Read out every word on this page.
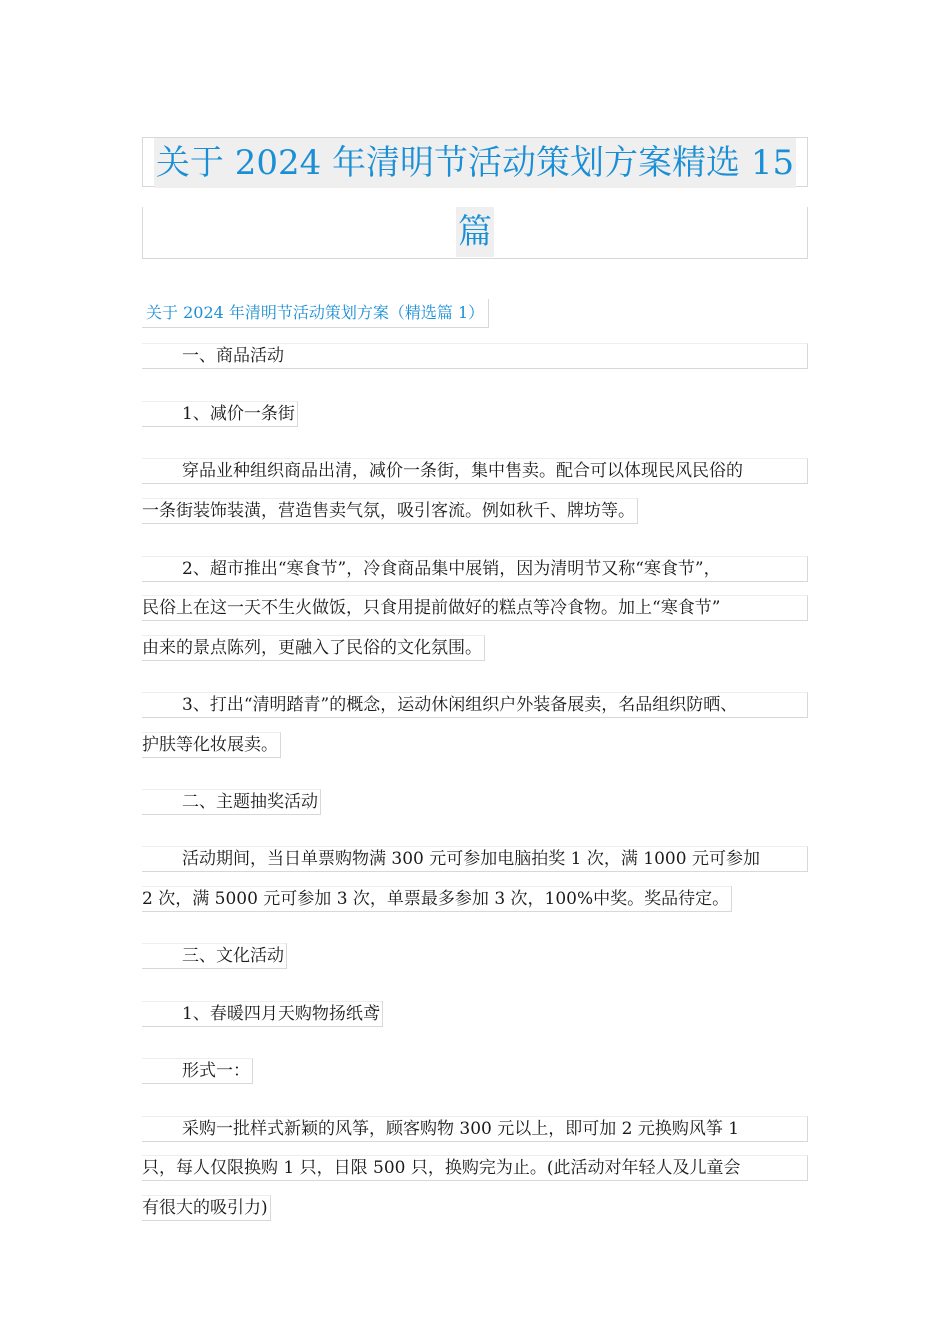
关于 2024 年清明节活动策划方案精选 15
篇
关于 2024 年清明节活动策划方案（精选篇 1）
一、商品活动
1、减价一条街
穿品业种组织商品出清，减价一条街，集中售卖。配合可以体现民风民俗的
一条街装饰装潢，营造售卖气氛，吸引客流。例如秋千、牌坊等。
2、超市推出“寒食节”，冷食商品集中展销，因为清明节又称“寒食节”，
民俗上在这一天不生火做饭，只食用提前做好的糕点等冷食物。加上“寒食节”
由来的景点陈列，更融入了民俗的文化氛围。
3、打出“清明踏青”的概念，运动休闲组织户外装备展卖，名品组织防晒、
护肤等化妆展卖。
二、主题抽奖活动
活动期间，当日单票购物满 300 元可参加电脑拍奖 1 次，满 1000 元可参加
2 次，满 5000 元可参加 3 次，单票最多参加 3 次，100%中奖。奖品待定。
三、文化活动
1、春暖四月天购物扬纸鸢
形式一：
采购一批样式新颖的风筝，顾客购物 300 元以上，即可加 2 元换购风筝 1
只，每人仅限换购 1 只，日限 500 只，换购完为止。(此活动对年轻人及儿童会
有很大的吸引力)
